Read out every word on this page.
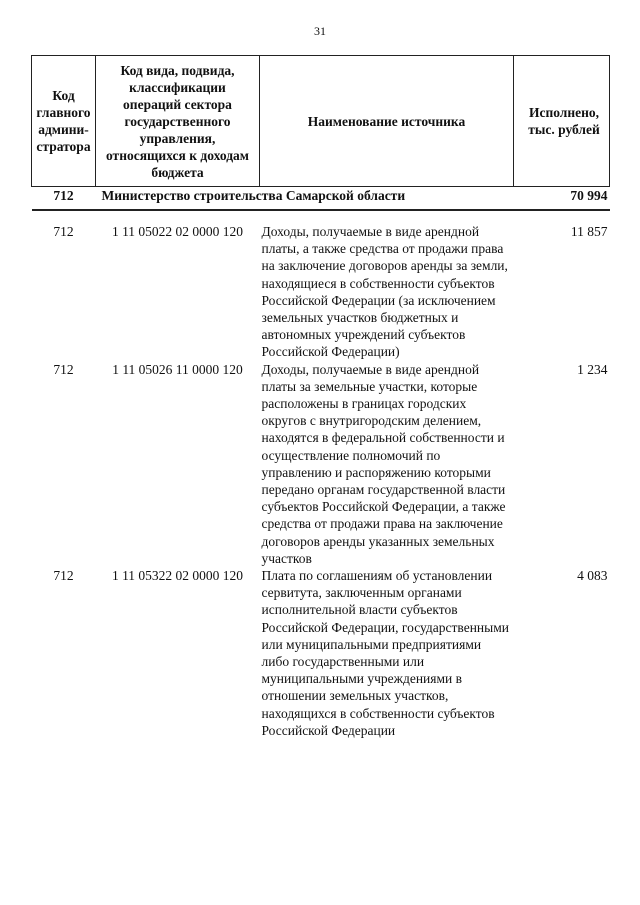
31
Код главного админи-стратора	Код вида, подвида, классификации операций сектора государственного управления, относящихся к доходам бюджета	Наименование источника	Исполнено, тыс. рублей
712	Министерство строительства Самарской области		70 994

712	1 11 05022 02 0000 120	Доходы, получаемые в виде арендной платы, а также средства от продажи права на заключение договоров аренды за земли, находящиеся в собственности субъектов Российской Федерации (за исключением земельных участков бюджетных и автономных учреждений субъектов Российской Федерации)	11 857
712	1 11 05026 11 0000 120	Доходы, получаемые в виде арендной платы за земельные участки, которые расположены в границах городских округов с внутригородским делением, находятся в федеральной собственности и осуществление полномочий по управлению и распоряжению которыми передано органам государственной власти субъектов Российской Федерации, а также средства от продажи права на заключение договоров аренды указанных земельных участков	1 234
712	1 11 05322 02 0000 120	Плата по соглашениям об установлении сервитута, заключенным органами исполнительной власти субъектов Российской Федерации, государственными или муниципальными предприятиями либо государственными или муниципальными учреждениями в отношении земельных участков, находящихся в собственности субъектов Российской Федерации	4 083
